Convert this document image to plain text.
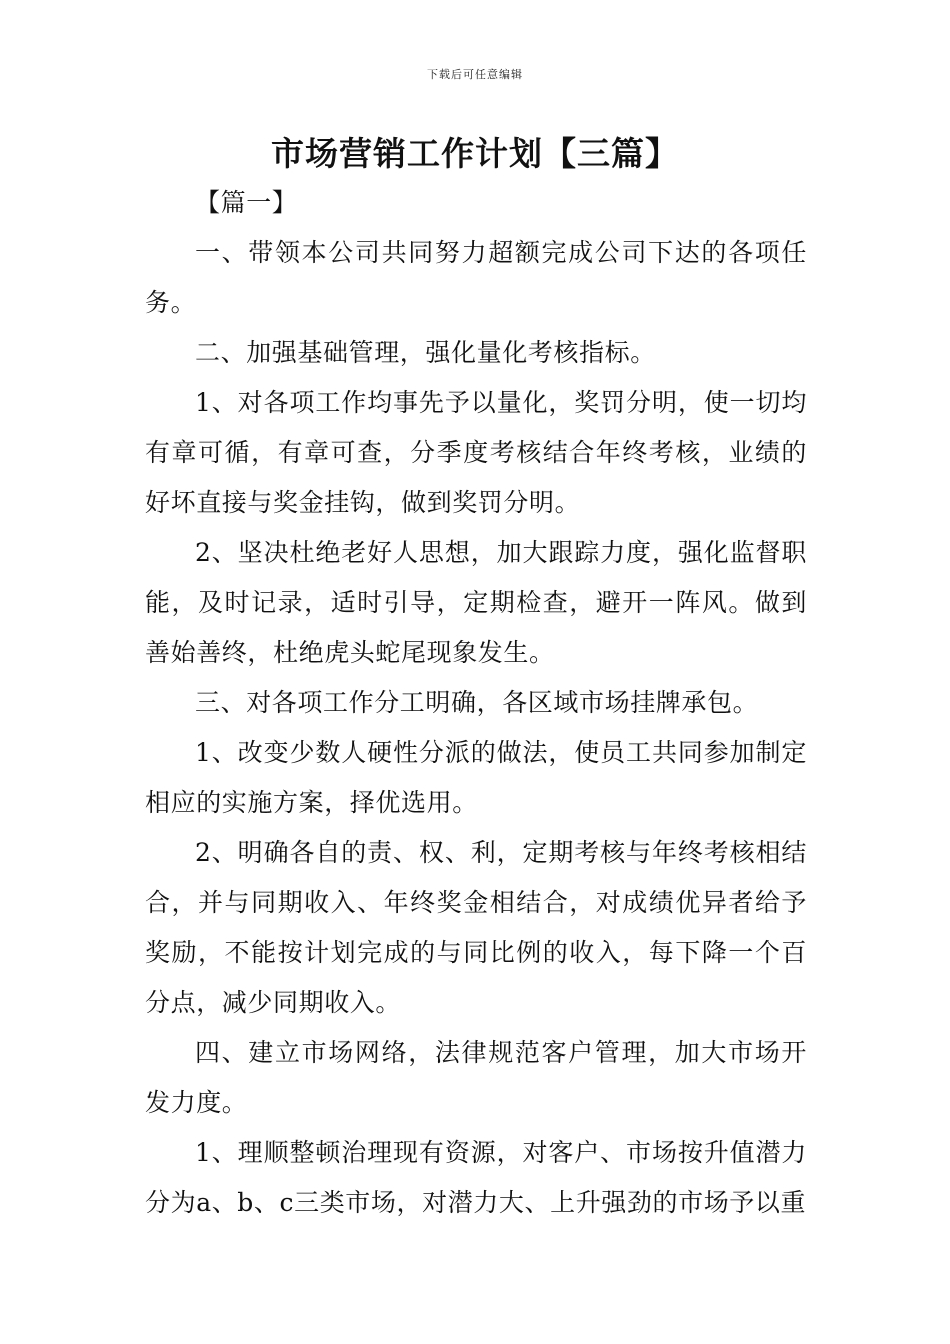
下载后可任意编辑
市场营销工作计划【三篇】

【篇一】

一、带领本公司共同努力超额完成公司下达的各项任务。

二、加强基础管理，强化量化考核指标。

1、对各项工作均事先予以量化，奖罚分明，使一切均有章可循，有章可查，分季度考核结合年终考核，业绩的好坏直接与奖金挂钩，做到奖罚分明。

2、坚决杜绝老好人思想，加大跟踪力度，强化监督职能，及时记录，适时引导，定期检查，避开一阵风。做到善始善终，杜绝虎头蛇尾现象发生。

三、对各项工作分工明确，各区域市场挂牌承包。

1、改变少数人硬性分派的做法，使员工共同参加制定相应的实施方案，择优选用。

2、明确各自的责、权、利，定期考核与年终考核相结合，并与同期收入、年终奖金相结合，对成绩优异者给予奖励，不能按计划完成的与同比例的收入，每下降一个百分点，减少同期收入。

四、建立市场网络，法律规范客户管理，加大市场开发力度。

1、理顺整顿治理现有资源，对客户、市场按升值潜力分为a、b、c三类市场，对潜力大、上升强劲的市场予以重
